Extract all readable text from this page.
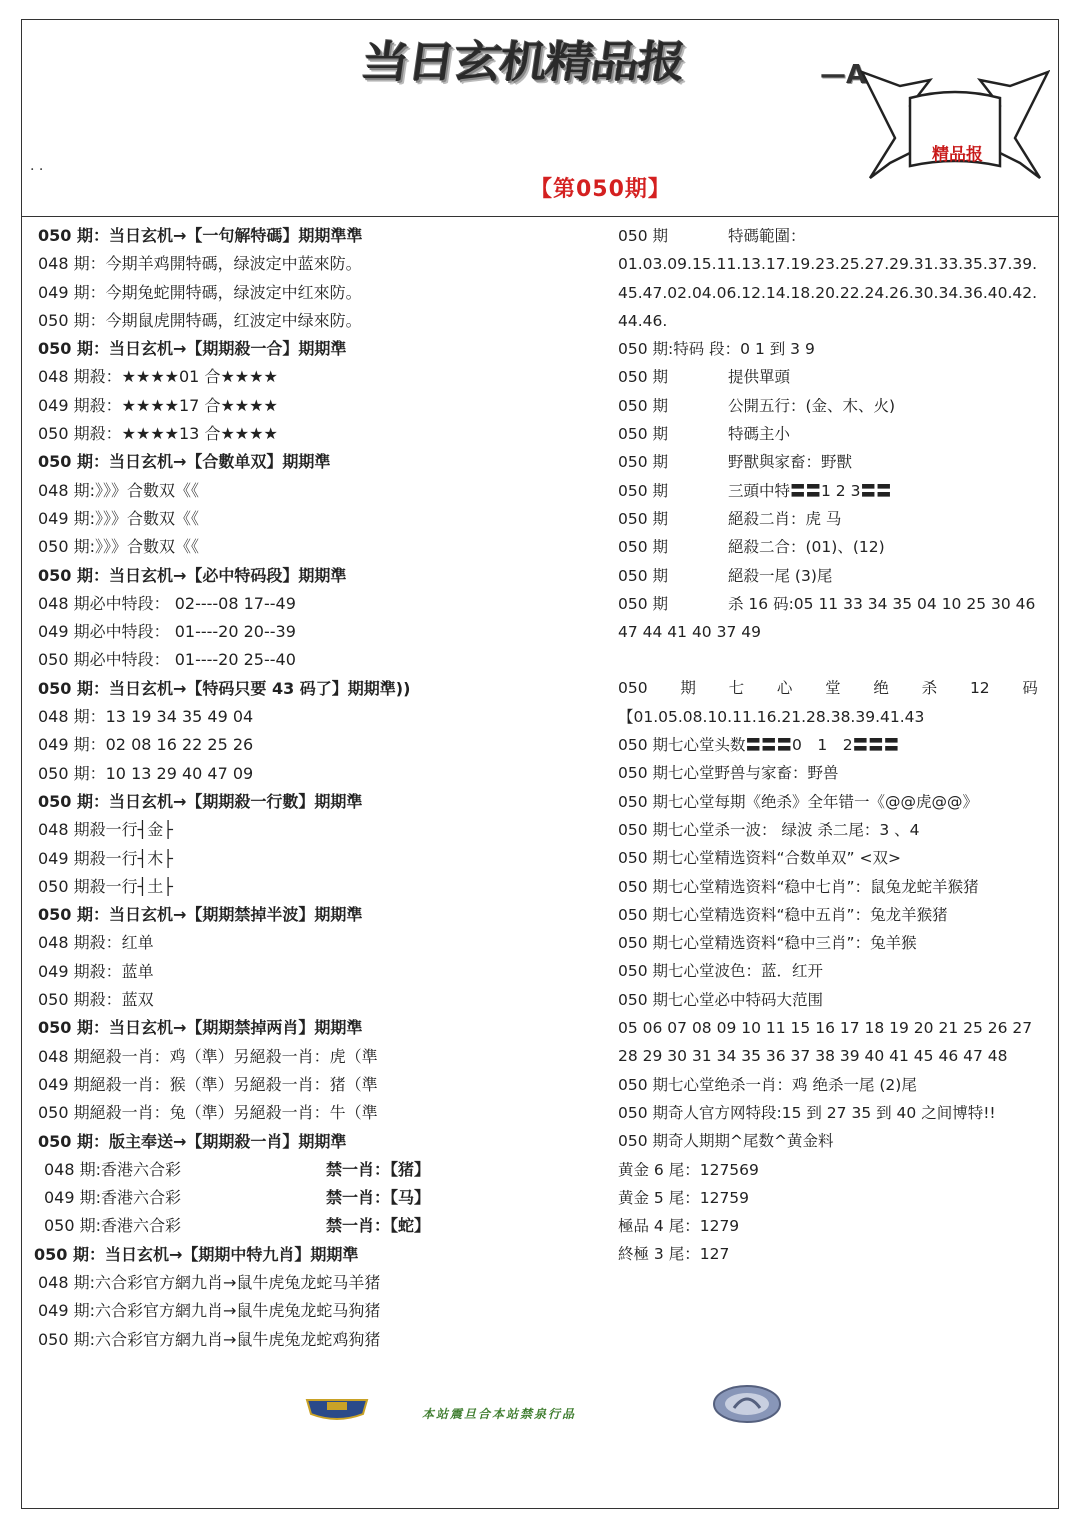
当日玄机精品报	—A
精品报
. .
【第050期】
050 期：当日玄机→【一句解特碼】期期準準
048 期：今期羊鸡開特碼，绿波定中蓝來防。
049 期：今期兔蛇開特碼，绿波定中红來防。
050 期：今期鼠虎開特碼，红波定中绿來防。
050 期：当日玄机→【期期殺一合】期期準
048 期殺：★★★★01 合★★★★
049 期殺：★★★★17 合★★★★
050 期殺：★★★★13 合★★★★
050 期：当日玄机→【合數单双】期期準
048 期:》》》合數双《《
049 期:》》》合數双《《
050 期:》》》合數双《《
050 期：当日玄机→【必中特码段】期期準
048 期必中特段： 02----08 17--49
049 期必中特段： 01----20 20--39
050 期必中特段： 01----20 25--40
050 期：当日玄机→【特码只要 43 码了】期期準))
048 期：13 19 34 35 49 04
049 期：02 08 16 22 25 26
050 期：10 13 29 40 47 09
050 期：当日玄机→【期期殺一行數】期期準
048 期殺一行┤金├
049 期殺一行┤木├
050 期殺一行┤土├
050 期：当日玄机→【期期禁掉半波】期期準
048 期殺：红单
049 期殺：蓝单
050 期殺：蓝双
050 期：当日玄机→【期期禁掉两肖】期期準
048 期絕殺一肖：鸡（準）另絕殺一肖：虎（準
049 期絕殺一肖：猴（準）另絕殺一肖：猪（準
050 期絕殺一肖：兔（準）另絕殺一肖：牛（準
050 期：版主奉送→【期期殺一肖】期期準
048 期:香港六合彩	禁一肖：【猪】
049 期:香港六合彩	禁一肖：【马】
050 期:香港六合彩	禁一肖：【蛇】
050 期：当日玄机→【期期中特九肖】期期準
048 期:六合彩官方網九肖→鼠牛虎兔龙蛇马羊猪
049 期:六合彩官方網九肖→鼠牛虎兔龙蛇马狗猪
050 期:六合彩官方網九肖→鼠牛虎兔龙蛇鸡狗猪
050 期	特碼範圍：
01.03.09.15.11.13.17.19.23.25.27.29.31.33.35.37.39.45.47.02.04.06.12.14.18.20.22.24.26.30.34.36.40.42.44.46.
050 期:特码 段：0 1 到 3 9
050 期	提供單頭
050 期	公開五行：(金、木、火)
050 期	特碼主小
050 期	野獸與家畜：野獸
050 期	三頭中特〓〓1 2 3〓〓
050 期	絕殺二肖：虎 马
050 期	絕殺二合：(01)、(12)
050 期	絕殺一尾 (3)尾
050 期	杀 16 码:05 11 33 34 35 04 10 25 30 46 47 44 41 40 37 49
050 期 七 心 堂 绝 杀 12 码
【01.05.08.10.11.16.21.28.38.39.41.43
050 期七心堂头数〓〓〓0　1　2〓〓〓
050 期七心堂野兽与家畜：野兽
050 期七心堂每期《绝杀》全年错一《@@虎@@》
050 期七心堂杀一波： 绿波 杀二尾：3 、4
050 期七心堂精选资料“合数单双” <双>
050 期七心堂精选资料“稳中七肖”：鼠兔龙蛇羊猴猪
050 期七心堂精选资料“稳中五肖”：兔龙羊猴猪
050 期七心堂精选资料“稳中三肖”：兔羊猴
050 期七心堂波色：蓝．红开
050 期七心堂必中特码大范围
05 06 07 08 09 10 11 15 16 17 18 19 20 21 25 26 27 28 29 30 31 34 35 36 37 38 39 40 41 45 46 47 48
050 期七心堂绝杀一肖：鸡 绝杀一尾 (2)尾
050 期奇人官方网特段:15 到 27 35 到 40 之间博特!!
050 期奇人期期^尾数^黄金料
黄金 6 尾：127569
黄金 5 尾：12759
極品 4 尾：1279
終極 3 尾：127
本站震旦合本站禁泉行品
